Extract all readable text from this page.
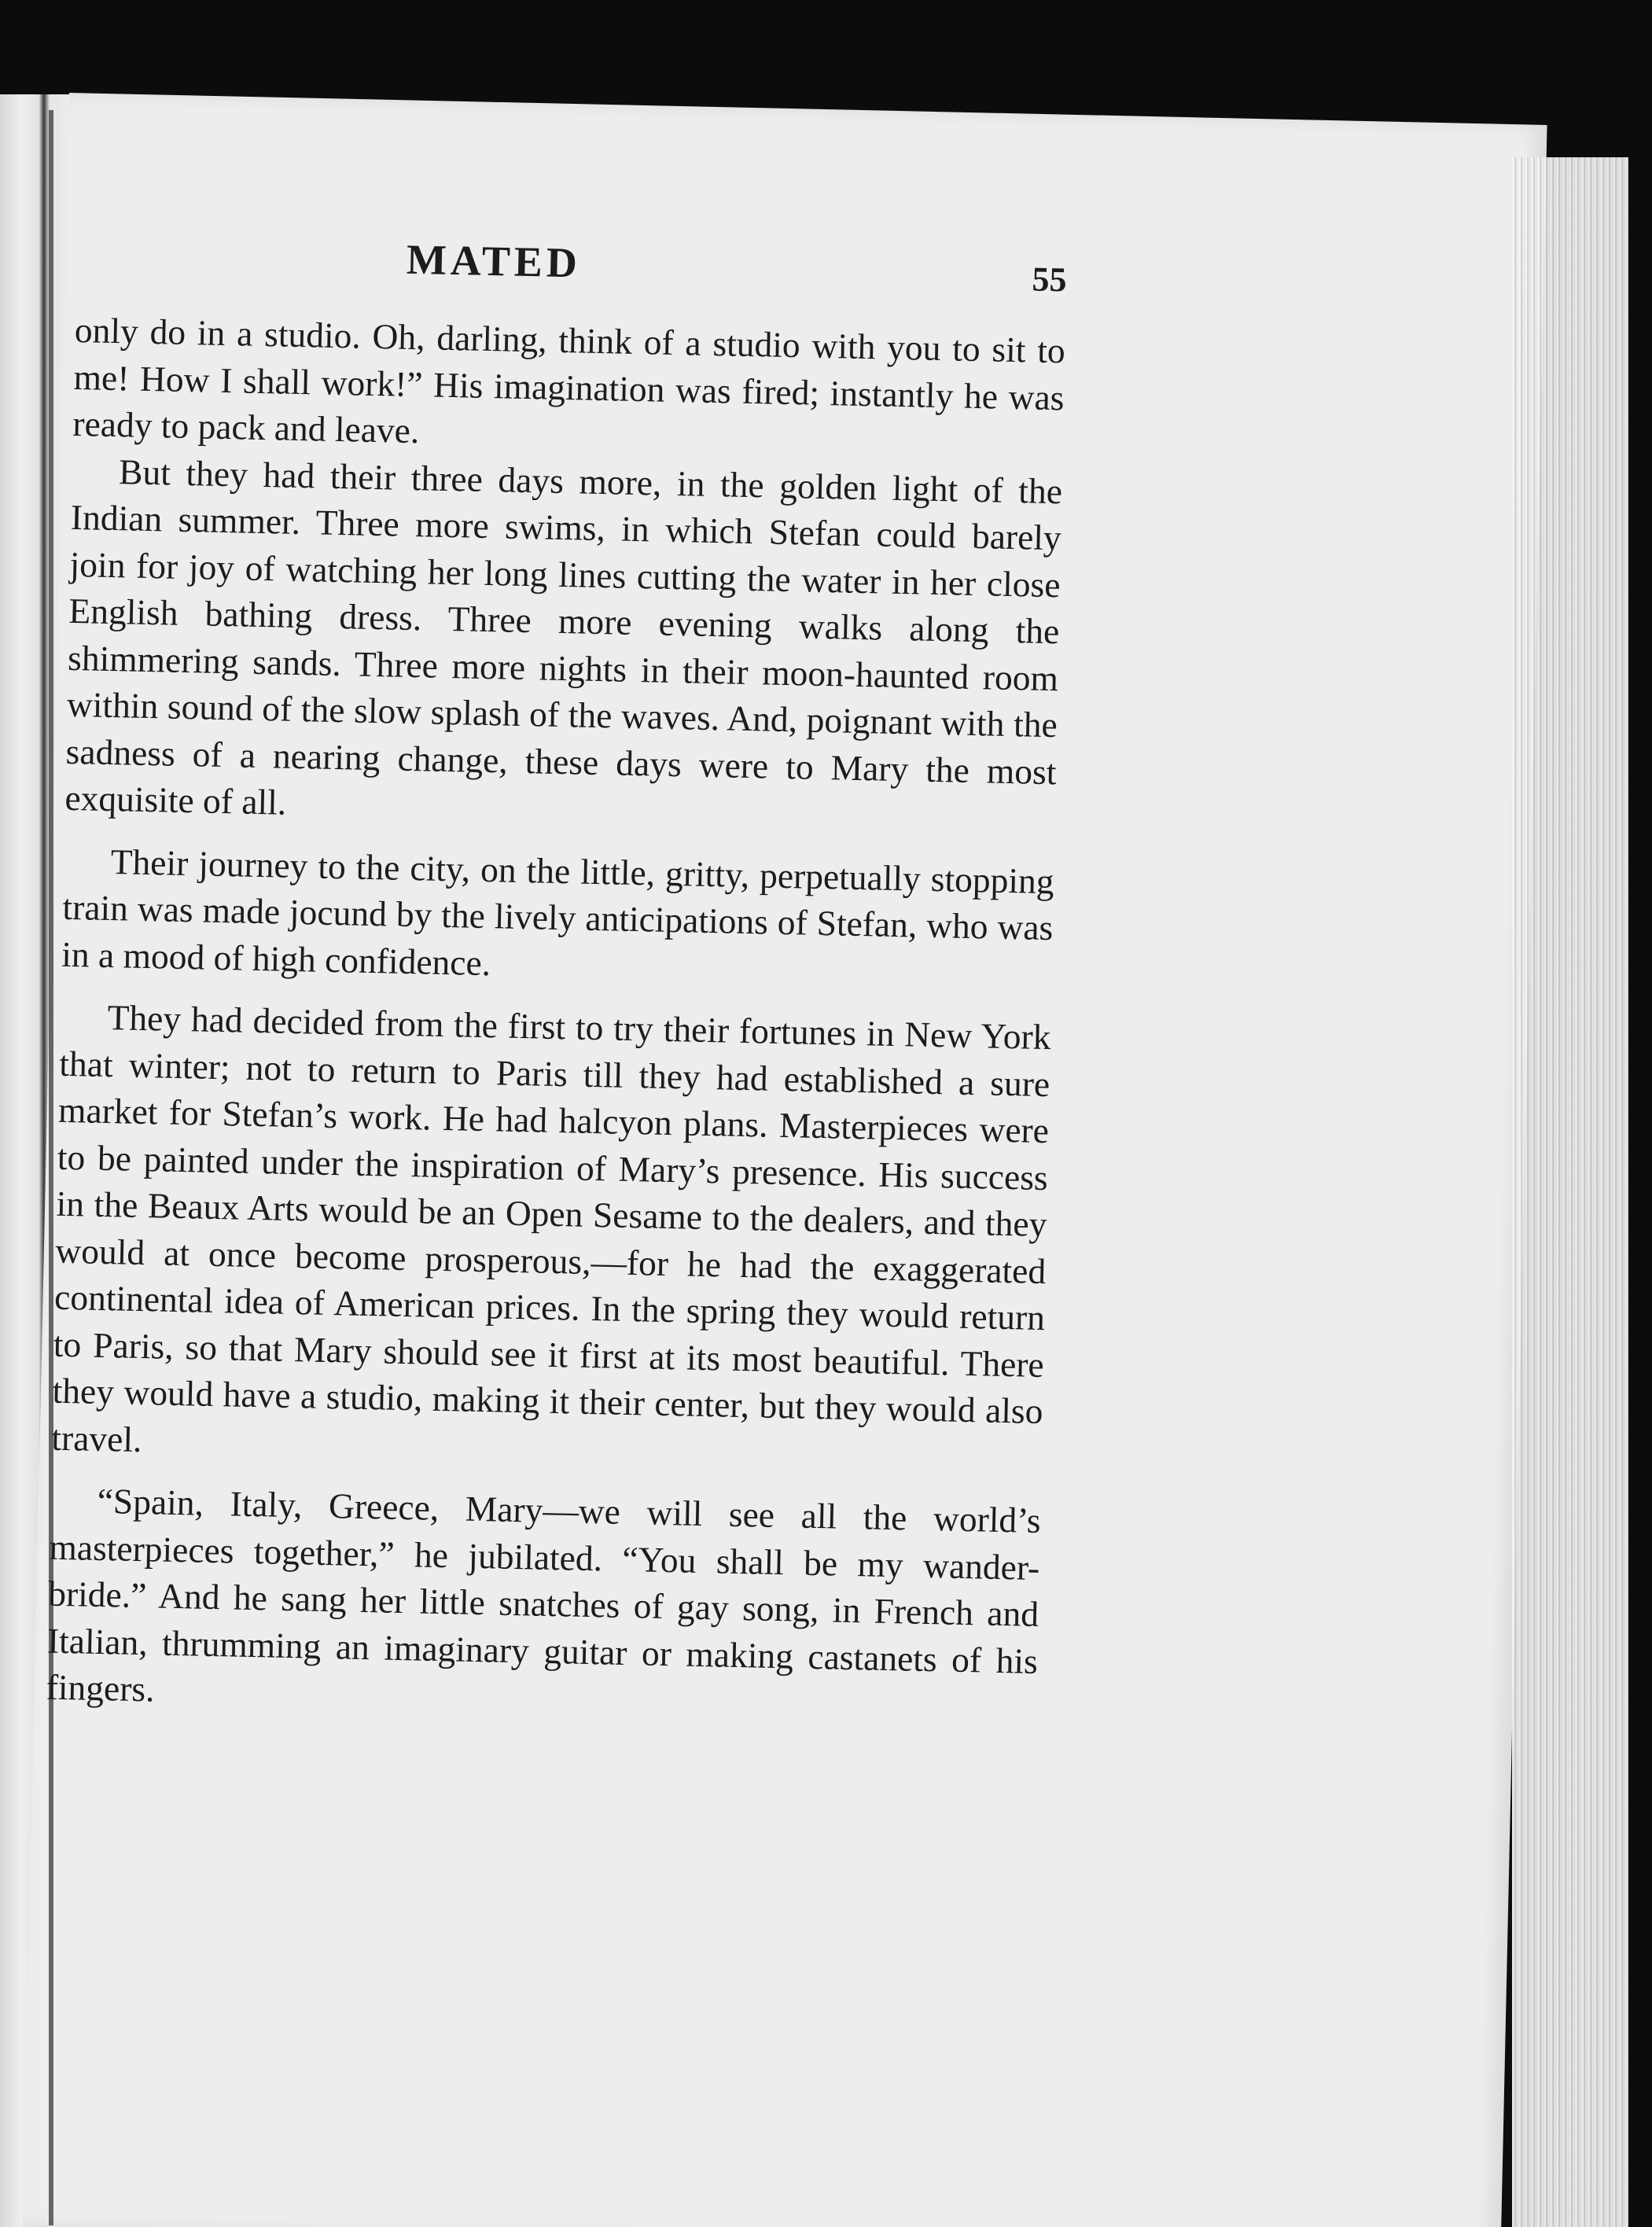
MATED	55

only do in a studio. Oh, darling, think of a studio with you to sit to me! How I shall work!” His imagination was fired; instantly he was ready to pack and leave.

But they had their three days more, in the golden light of the Indian summer. Three more swims, in which Stefan could barely join for joy of watching her long lines cutting the water in her close English bathing dress. Three more evening walks along the shimmering sands. Three more nights in their moon-haunted room within sound of the slow splash of the waves. And, poignant with the sadness of a nearing change, these days were to Mary the most exquisite of all.

Their journey to the city, on the little, gritty, perpetually stopping train was made jocund by the lively anticipations of Stefan, who was in a mood of high confidence.

They had decided from the first to try their fortunes in New York that winter; not to return to Paris till they had established a sure market for Stefan’s work. He had halcyon plans. Masterpieces were to be painted under the inspiration of Mary’s presence. His success in the Beaux Arts would be an Open Sesame to the dealers, and they would at once become prosperous,—for he had the exaggerated continental idea of American prices. In the spring they would return to Paris, so that Mary should see it first at its most beautiful. There they would have a studio, making it their center, but they would also travel.

“Spain, Italy, Greece, Mary—we will see all the world’s masterpieces together,” he jubilated. “You shall be my wander-bride.” And he sang her little snatches of gay song, in French and Italian, thrumming an imaginary guitar or making castanets of his fingers.
